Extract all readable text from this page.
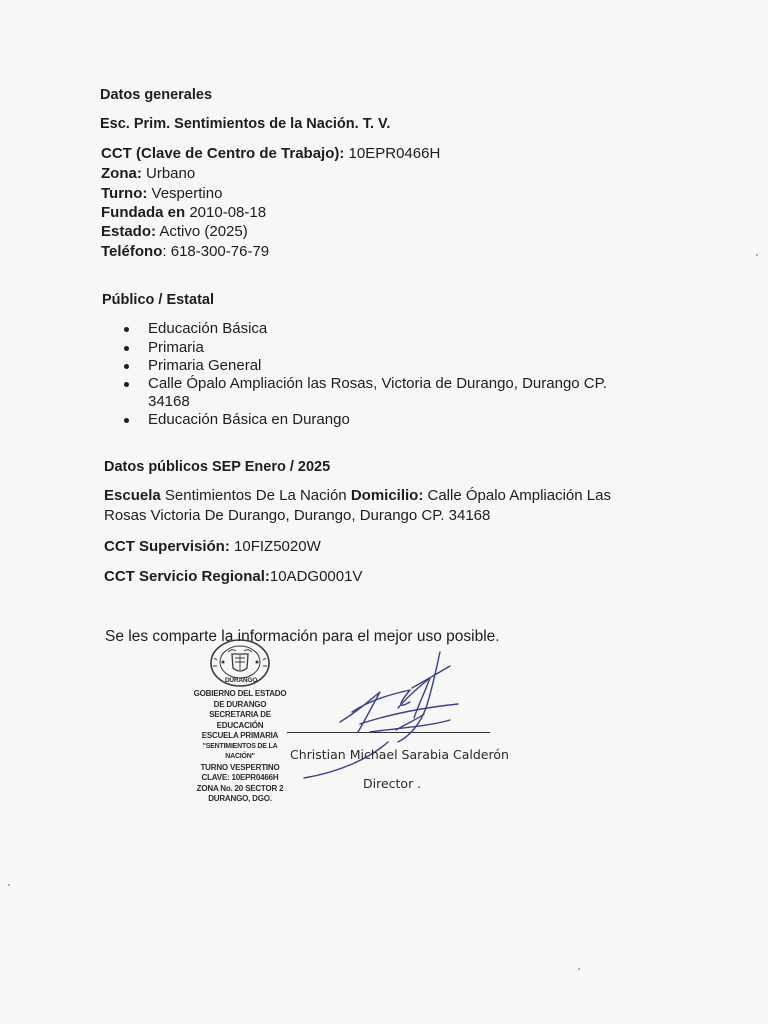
Datos generales
Esc. Prim. Sentimientos de la Nación. T. V.
CCT (Clave de Centro de Trabajo): 10EPR0466H
Zona: Urbano
Turno: Vespertino
Fundada en 2010-08-18
Estado: Activo (2025)
Teléfono: 618-300-76-79
Público / Estatal
Educación Básica
Primaria
Primaria General
Calle Ópalo Ampliación las Rosas, Victoria de Durango, Durango CP.
34168
Educación Básica en Durango
Datos públicos SEP Enero / 2025
Escuela Sentimientos De La Nación Domicilio: Calle Ópalo Ampliación Las
Rosas Victoria De Durango, Durango, Durango CP. 34168
CCT Supervisión: 10FIZ5020W
CCT Servicio Regional:10ADG0001V
Se les comparte la información para el mejor uso posible.
DURANGO
GOBIERNO DEL ESTADO
DE DURANGO
SECRETARIA DE EDUCACIÓN
ESCUELA PRIMARIA
"SENTIMIENTOS DE LA NACIÓN"
TURNO VESPERTINO
CLAVE: 10EPR0466H
ZONA No. 20 SECTOR 2
DURANGO, DGO.
Christian Michael Sarabia Calderón
Director .
